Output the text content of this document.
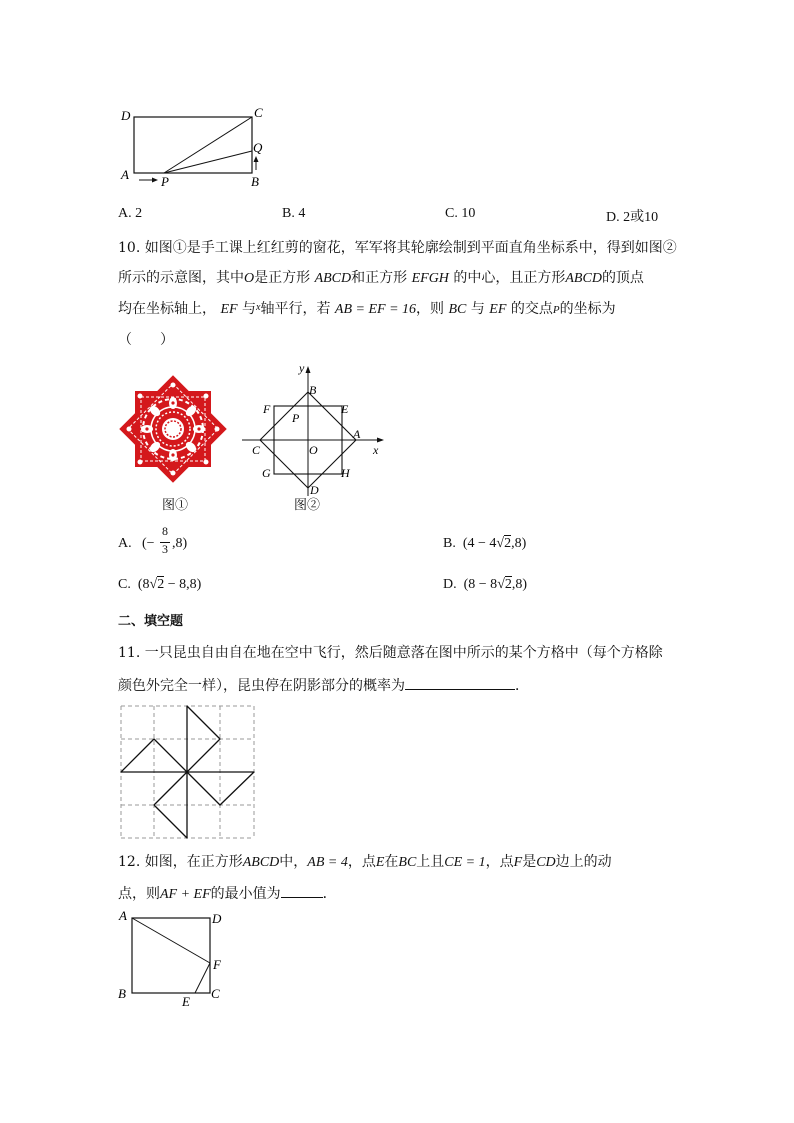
D	C
Q
A P	B
A. 2	B. 4	C. 10	D. 2或10
10. 如图①是手工课上红红剪的窗花，军军将其轮廓绘制到平面直角坐标系中，得到如图②
所示的示意图，其中O是正方形 ABCD和正方形 EFGH 的中心，且正方形ABCD的顶点
均在坐标轴上， EF 与$^x$轴平行，若 AB = EF = 16，则 BC 与 EF 的交点P的坐标为
（　　）
图①
y
x
B
F	E
P
A
C	O
G	H
D
图②
A. (−
8
3 ,8)	B. (4 − 4√2,8)
C. (8√2 − 8,8)	D. (8 − 8√2,8)
二、填空题
11. 一只昆虫自由自在地在空中飞行，然后随意落在图中所示的某个方格中（每个方格除
颜色外完全一样），昆虫停在阴影部分的概率为	．
12. 如图，在正方形ABCD中，AB = 4，点E在BC上且CE = 1，点F是CD边上的动
点，则AF + EF的最小值为	．
A	D
F
B
E
C
